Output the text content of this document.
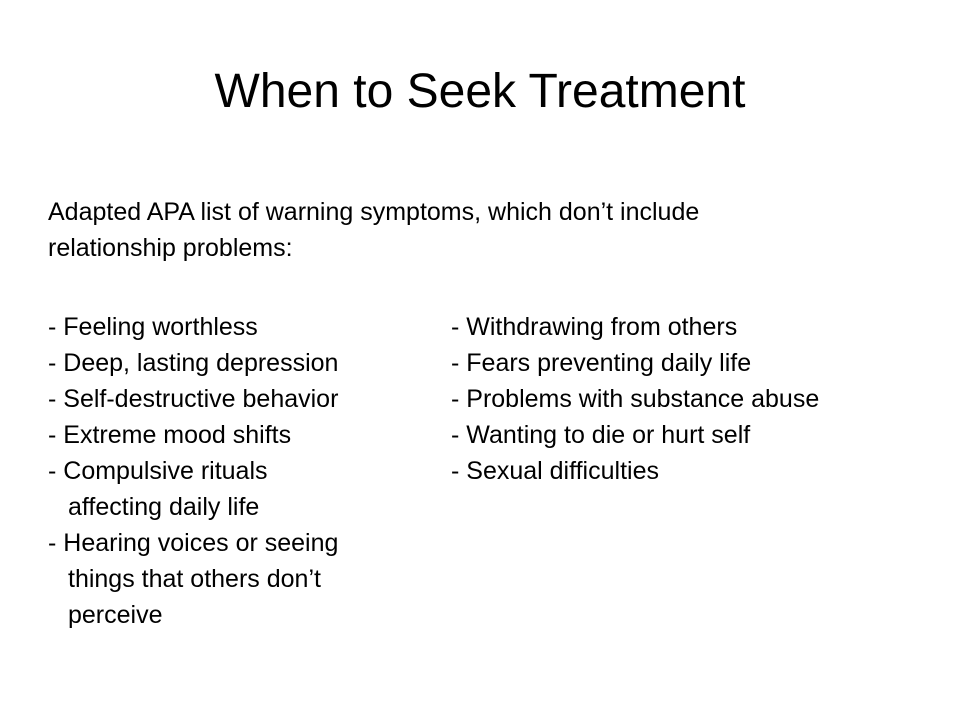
When to Seek Treatment

Adapted APA list of warning symptoms, which don’t include
relationship problems:

- Feeling worthless
- Deep, lasting depression
- Self-destructive behavior
- Extreme mood shifts
- Compulsive rituals
affecting daily life
- Hearing voices or seeing
things that others don’t
perceive
- Withdrawing from others
- Fears preventing daily life
- Problems with substance abuse
- Wanting to die or hurt self
- Sexual difficulties
